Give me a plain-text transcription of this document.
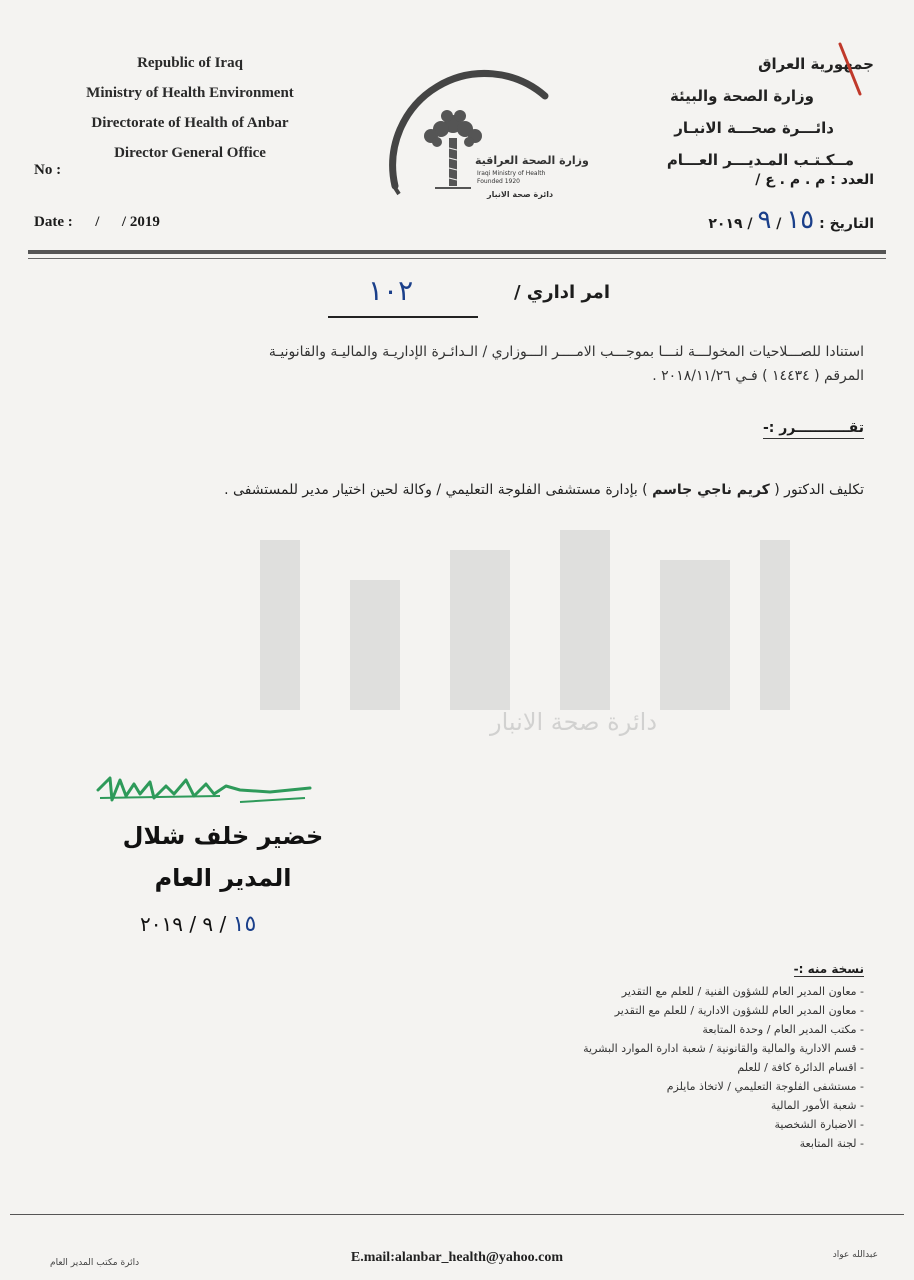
Republic of Iraq
Ministry of Health Environment
Directorate of Health of Anbar
Director General Office
No :
Date :      /      / 2019
وزارة الصحة العراقية
Iraqi Ministry of Health
Founded 1920
دائرة صحة الانبار
جمهورية العراق
وزارة الصحة والبيئة
دائـــرة صحـــة الانبـار
مــكـتـب المـديـــر العـــام
العدد : م . م . ع /
التاريخ : ١٥ / ٩ / ٢٠١٩
امر اداري /
١٠٢
استنادا للصـــلاحيات المخولـــة لنـــا بموجـــب الامــــر الـــوزاري / الـدائـرة الإداريـة والماليـة والقانونيـة
المرقم ( ١٤٤٣٤ ) فـي ٢٠١٨/١١/٢٦ .
تقـــــــــــرر :-
تكليف الدكتور ( كريم ناجي جاسم ) بإدارة مستشفى الفلوجة التعليمي / وكالة لحين اختيار مدير للمستشفى .
دائرة صحة الانبار
خضير خلف شلال
المدير العام
١٥ / ٩ / ٢٠١٩
نسخة منه :-
- معاون المدير العام للشؤون الفنية / للعلم مع التقدير
- معاون المدير العام للشؤون الادارية / للعلم مع التقدير
- مكتب المدير العام / وحدة المتابعة
- قسم الادارية والمالية والقانونية / شعبة ادارة الموارد البشرية
- اقسام الدائرة كافة / للعلم
- مستشفى الفلوجة التعليمي / لاتخاذ مايلزم
- شعبة الأمور المالية
- الاضبارة الشخصية
- لجنة المتابعة
دائرة مكتب المدير العام	E.mail:alanbar_health@yahoo.com	عبدالله عواد
